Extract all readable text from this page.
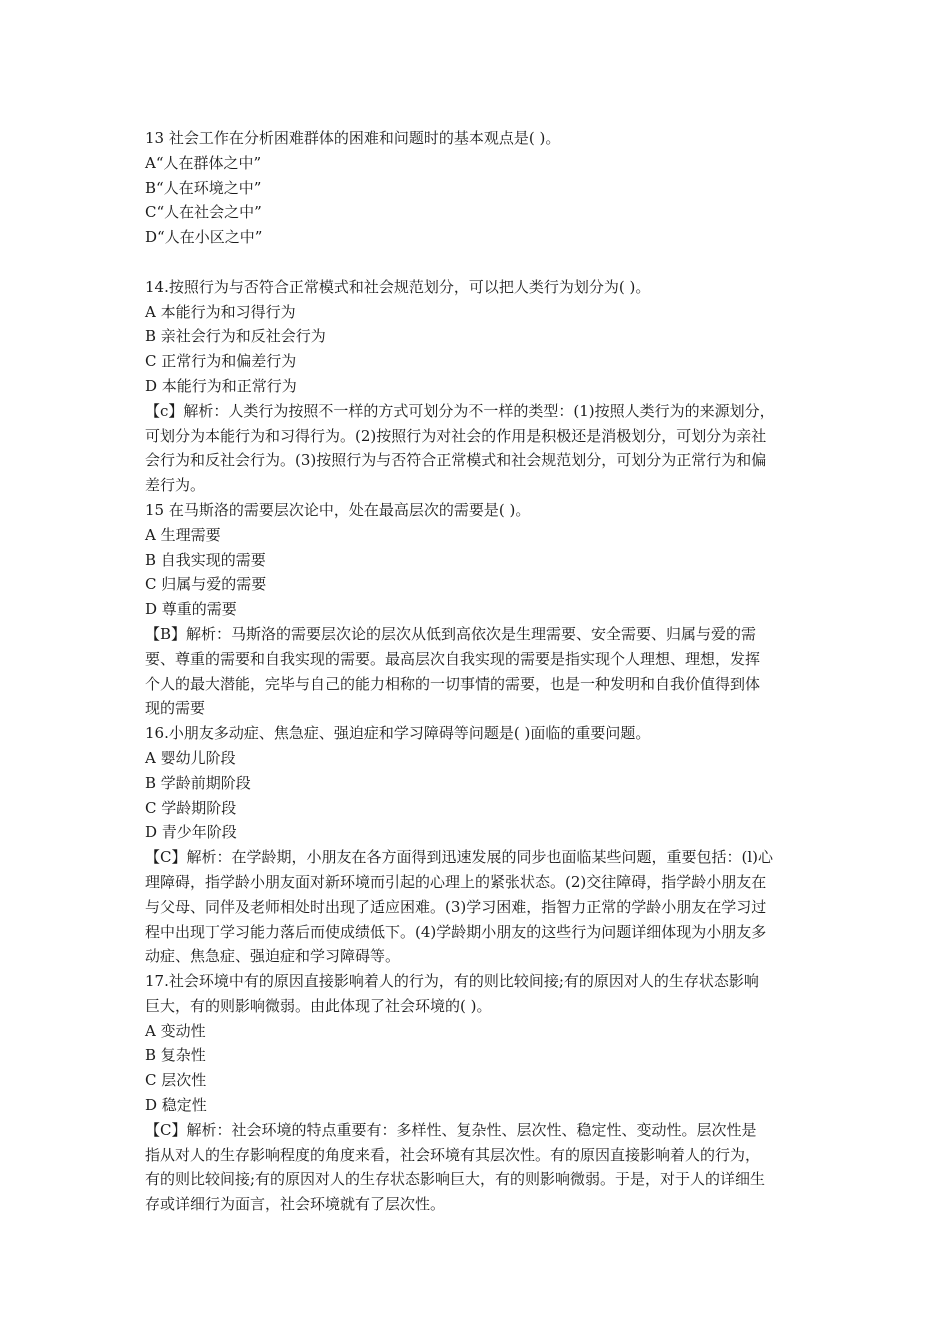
13 社会工作在分析困难群体的困难和问题时的基本观点是( )。
A“人在群体之中”
B“人在环境之中”
C“人在社会之中”
D“人在小区之中”
14.按照行为与否符合正常模式和社会规范划分，可以把人类行为划分为( )。
A 本能行为和习得行为
B 亲社会行为和反社会行为
C 正常行为和偏差行为
D 本能行为和正常行为
【c】解析：人类行为按照不一样的方式可划分为不一样的类型：(1)按照人类行为的来源划分，
可划分为本能行为和习得行为。(2)按照行为对社会的作用是积极还是消极划分，可划分为亲社
会行为和反社会行为。(3)按照行为与否符合正常模式和社会规范划分，可划分为正常行为和偏
差行为。
15 在马斯洛的需要层次论中，处在最高层次的需要是( )。
A 生理需要
B 自我实现的需要
C 归属与爱的需要
D 尊重的需要
【B】解析：马斯洛的需要层次论的层次从低到高依次是生理需要、安全需要、归属与爱的需
要、尊重的需要和自我实现的需要。最高层次自我实现的需要是指实现个人理想、理想，发挥
个人的最大潜能，完毕与自己的能力相称的一切事情的需要，也是一种发明和自我价值得到体
现的需要
16.小朋友多动症、焦急症、强迫症和学习障碍等问题是( )面临的重要问题。
A 婴幼儿阶段
B 学龄前期阶段
C 学龄期阶段
D 青少年阶段
【C】解析：在学龄期，小朋友在各方面得到迅速发展的同步也面临某些问题，重要包括：(l)心
理障碍，指学龄小朋友面对新环境而引起的心理上的紧张状态。(2)交往障碍，指学龄小朋友在
与父母、同伴及老师相处时出现了适应困难。(3)学习困难，指智力正常的学龄小朋友在学习过
程中出现丁学习能力落后而使成绩低下。(4)学龄期小朋友的这些行为问题详细体现为小朋友多
动症、焦急症、强迫症和学习障碍等。
17.社会环境中有的原因直接影响着人的行为，有的则比较间接;有的原因对人的生存状态影响
巨大，有的则影响微弱。由此体现了社会环境的( )。
A 变动性
B 复杂性
C 层次性
D 稳定性
【C】解析：社会环境的特点重要有：多样性、复杂性、层次性、稳定性、变动性。层次性是
指从对人的生存影响程度的角度来看，社会环境有其层次性。有的原因直接影响着人的行为，
有的则比较间接;有的原因对人的生存状态影响巨大，有的则影响微弱。于是，对于人的详细生
存或详细行为面言，社会环境就有了层次性。
